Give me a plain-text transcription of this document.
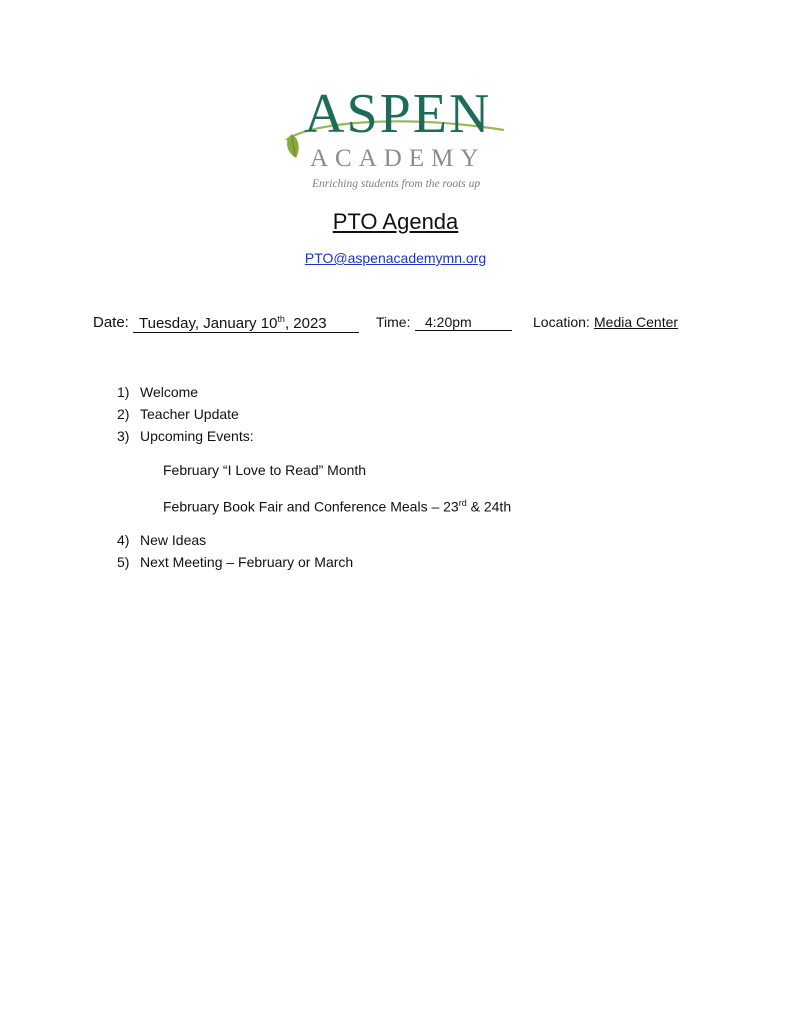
ASPEN
ACADEMY
Enriching students from the roots up
PTO Agenda
PTO@aspenacademymn.org
Date: Tuesday, January 10th, 2023	Time:	4:20pm	Location: Media Center
1) Welcome
2) Teacher Update
3) Upcoming Events:
February “I Love to Read” Month
February Book Fair and Conference Meals – 23rd & 24th
4) New Ideas
5) Next Meeting – February or March
